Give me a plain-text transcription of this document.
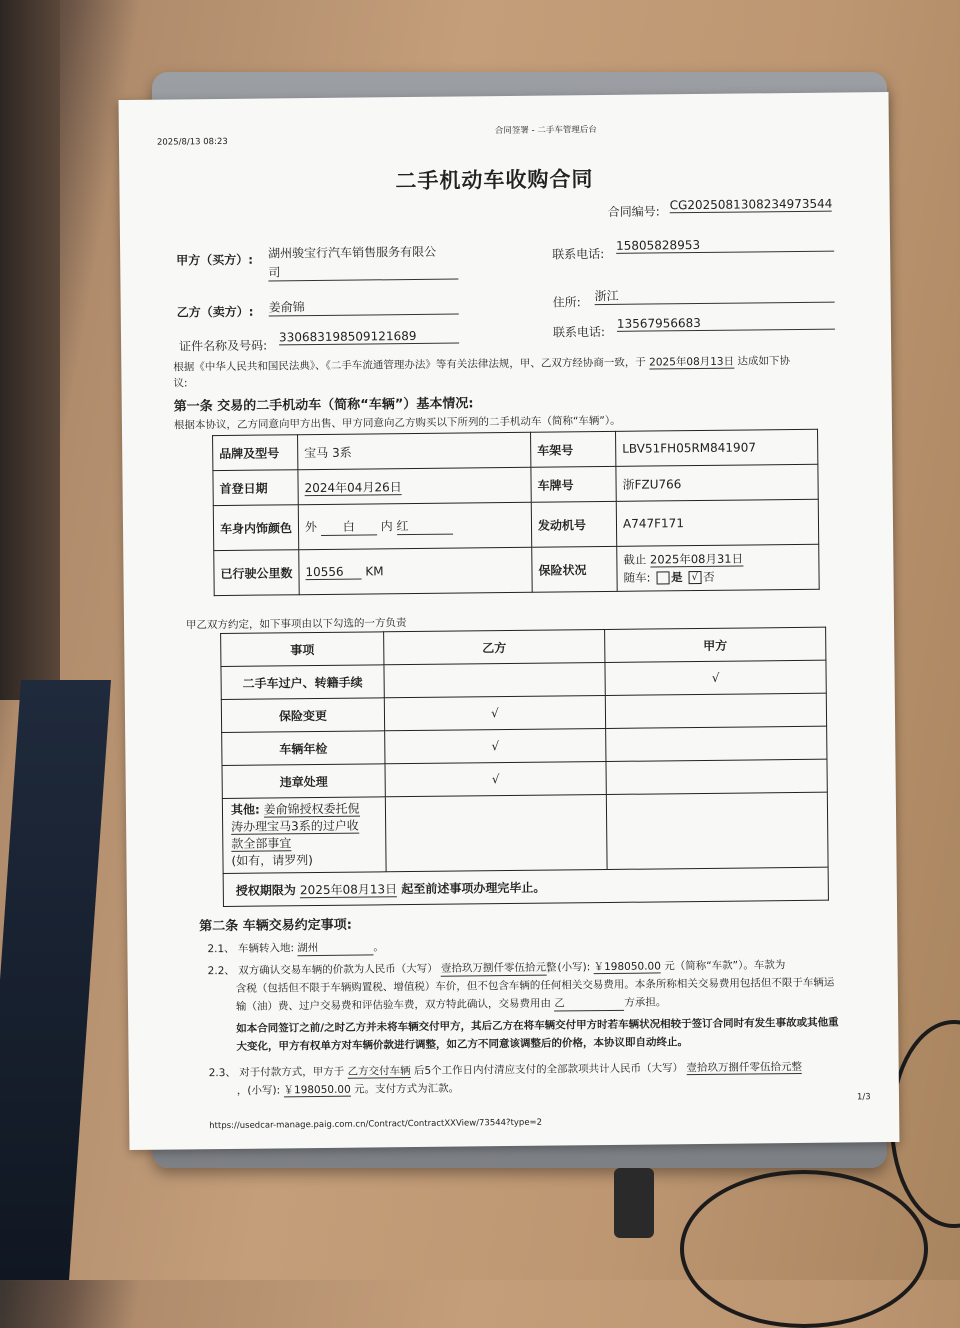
2025/8/13 08:23
合同签署 - 二手车管理后台
二手机动车收购合同
合同编号: CG2025081308234973544
甲方（买方）: 湖州骏宝行汽车销售服务有限公
司
联系电话:
15805828953
乙方（卖方）: 姜俞锦	住所: 浙江
证件名称及号码:
330683198509121689	联系电话:
13567956683
根据《中华人民共和国民法典》、《二手车流通管理办法》等有关法律法规，甲、乙双方经协商一致，于 2025年08月13日 达成如下协
议:
第一条 交易的二手机动车（简称“车辆”）基本情况:
根据本协议，乙方同意向甲方出售、甲方同意向乙方购买以下所列的二手机动车（简称“车辆”）。
品牌及型号	宝马 3系	车架号	LBV51FH05RM841907
首登日期	2024年04月26日	车牌号	浙FZU766
车身内饰颜色	外 白 内 红	发动机号	A747F171
已行驶公里数	10556 KM	保险状况	截止 2025年08月31日
随车: 是 √ 否
甲乙双方约定，如下事项由以下勾选的一方负责
事项	乙方	甲方
二手车过户、转籍手续		√
保险变更	√	
车辆年检	√	
违章处理	√	
其他: 姜俞锦授权委托倪
涛办理宝马3系的过户收
款全部事宜
(如有，请罗列)		
授权期限为 2025年08月13日 起至前述事项办理完毕止。		
第二条 车辆交易约定事项:
2.1、 车辆转入地: 湖州	。
2.2、 双方确认交易车辆的价款为人民币（大写） 壹拾玖万捌仟零伍拾元整，(小写): ￥198050.00 元（简称“车款”）。车款为
含税（包括但不限于车辆购置税、增值税）车价，但不包含车辆的任何相关交易费用。本条所称相关交易费用包括但不限于车辆运
输（油）费、过户交易费和评估验车费，双方特此确认，交易费用由 乙	方承担。
如本合同签订之前/之时乙方并未将车辆交付甲方，其后乙方在将车辆交付甲方时若车辆状况相较于签订合同时有发生事故或其他重
大变化，甲方有权单方对车辆价款进行调整，如乙方不同意该调整后的价格，本协议即自动终止。
2.3、 对于付款方式，甲方于 乙方交付车辆 后5个工作日内付清应支付的全部款项共计人民币（大写） 壹拾玖万捌仟零伍拾元整
，(小写): ￥198050.00 元。支付方式为汇款。
https://usedcar-manage.paig.com.cn/Contract/ContractXXView/73544?type=2
1/3
